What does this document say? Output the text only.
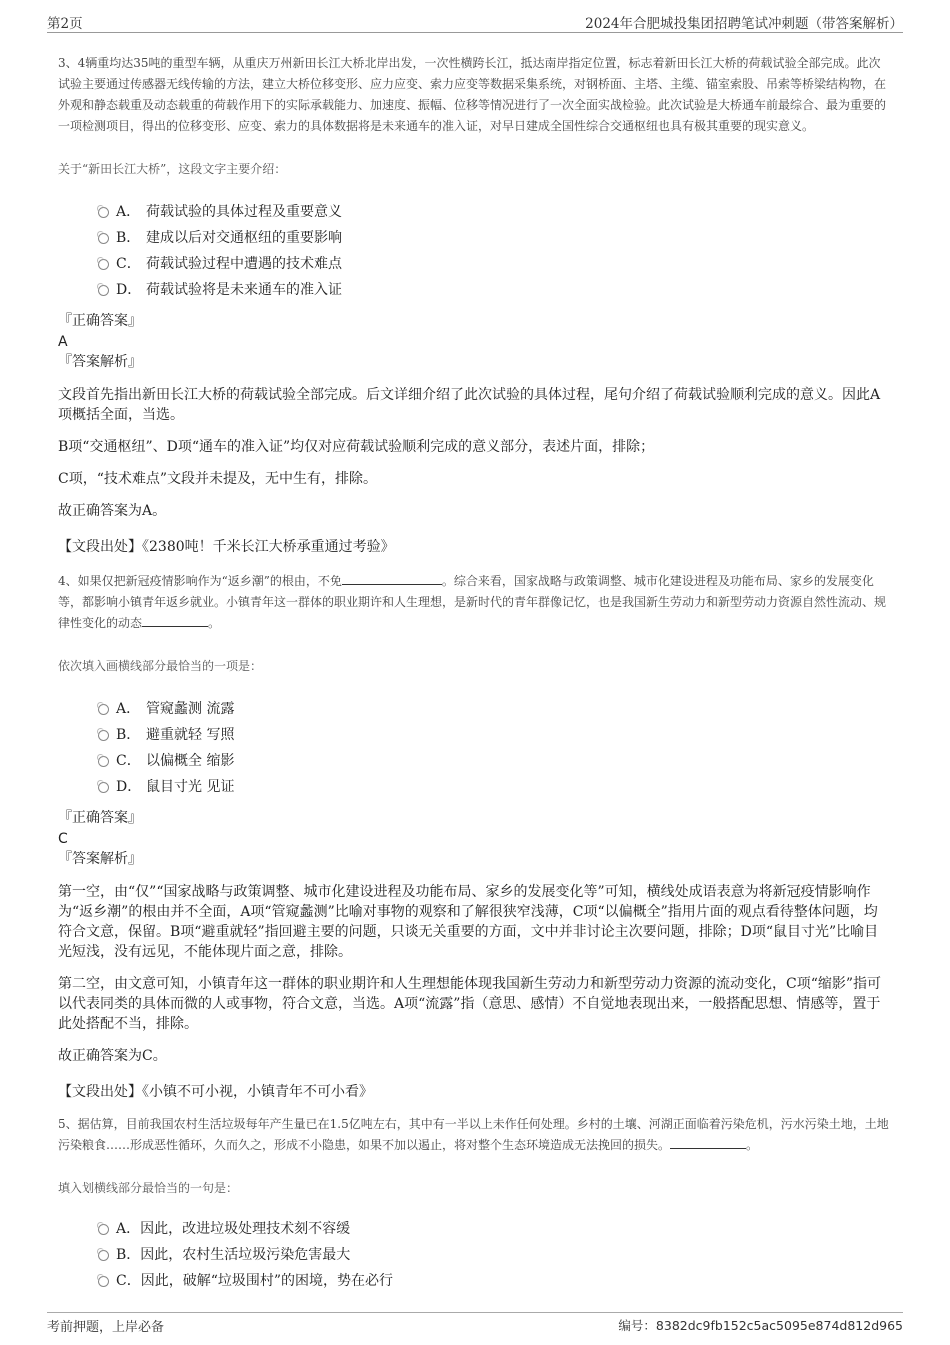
第2页	2024年合肥城投集团招聘笔试冲刺题（带答案解析）

3、4辆重均达35吨的重型车辆，从重庆万州新田长江大桥北岸出发，一次性横跨长江，抵达南岸指定位置，标志着新田长江大桥的荷载试验全部完成。此次试验主要通过传感器无线传输的方法，建立大桥位移变形、应力应变、索力应变等数据采集系统，对钢桥面、主塔、主缆、锚室索股、吊索等桥梁结构物，在外观和静态载重及动态载重的荷载作用下的实际承载能力、加速度、振幅、位移等情况进行了一次全面实战检验。此次试验是大桥通车前最综合、最为重要的一项检测项目，得出的位移变形、应变、索力的具体数据将是未来通车的准入证，对早日建成全国性综合交通枢纽也具有极其重要的现实意义。

关于“新田长江大桥”，这段文字主要介绍：

A． 荷载试验的具体过程及重要意义
B． 建成以后对交通枢纽的重要影响
C． 荷载试验过程中遭遇的技术难点
D． 荷载试验将是未来通车的准入证

『正确答案』

A

『答案解析』

文段首先指出新田长江大桥的荷载试验全部完成。后文详细介绍了此次试验的具体过程，尾句介绍了荷载试验顺利完成的意义。因此A项概括全面，当选。

B项“交通枢纽”、D项“通车的准入证”均仅对应荷载试验顺利完成的意义部分，表述片面，排除；

C项，“技术难点”文段并未提及，无中生有，排除。

故正确答案为A。

【文段出处】《2380吨！千米长江大桥承重通过考验》

4、如果仅把新冠疫情影响作为“返乡潮”的根由，不免	。综合来看，国家战略与政策调整、城市化建设进程及功能布局、家乡的发展变化等，都影响小镇青年返乡就业。小镇青年这一群体的职业期许和人生理想，是新时代的青年群像记忆，也是我国新生劳动力和新型劳动力资源自然性流动、规律性变化的动态	。

依次填入画横线部分最恰当的一项是：

A． 管窥蠡测 流露
B． 避重就轻 写照
C． 以偏概全 缩影
D． 鼠目寸光 见证

『正确答案』

C

『答案解析』

第一空，由“仅”“国家战略与政策调整、城市化建设进程及功能布局、家乡的发展变化等”可知，横线处成语表意为将新冠疫情影响作为“返乡潮”的根由并不全面，A项“管窥蠡测”比喻对事物的观察和了解很狭窄浅薄，C项“以偏概全”指用片面的观点看待整体问题，均符合文意，保留。B项“避重就轻”指回避主要的问题，只谈无关重要的方面，文中并非讨论主次要问题，排除；D项“鼠目寸光”比喻目光短浅，没有远见，不能体现片面之意，排除。

第二空，由文意可知，小镇青年这一群体的职业期许和人生理想能体现我国新生劳动力和新型劳动力资源的流动变化，C项“缩影”指可以代表同类的具体而微的人或事物，符合文意，当选。A项“流露”指（意思、感情）不自觉地表现出来，一般搭配思想、情感等，置于此处搭配不当，排除。

故正确答案为C。

【文段出处】《小镇不可小视，小镇青年不可小看》

5、据估算，目前我国农村生活垃圾每年产生量已在1.5亿吨左右，其中有一半以上未作任何处理。乡村的土壤、河湖正面临着污染危机，污水污染土地，土地污染粮食……形成恶性循环，久而久之，形成不小隐患，如果不加以遏止，将对整个生态环境造成无法挽回的损失。	。

填入划横线部分最恰当的一句是：

A．因此，改进垃圾处理技术刻不容缓
B．因此，农村生活垃圾污染危害最大
C．因此，破解“垃圾围村”的困境，势在必行
考前押题，上岸必备	编号：8382dc9fb152c5ac5095e874d812d965
